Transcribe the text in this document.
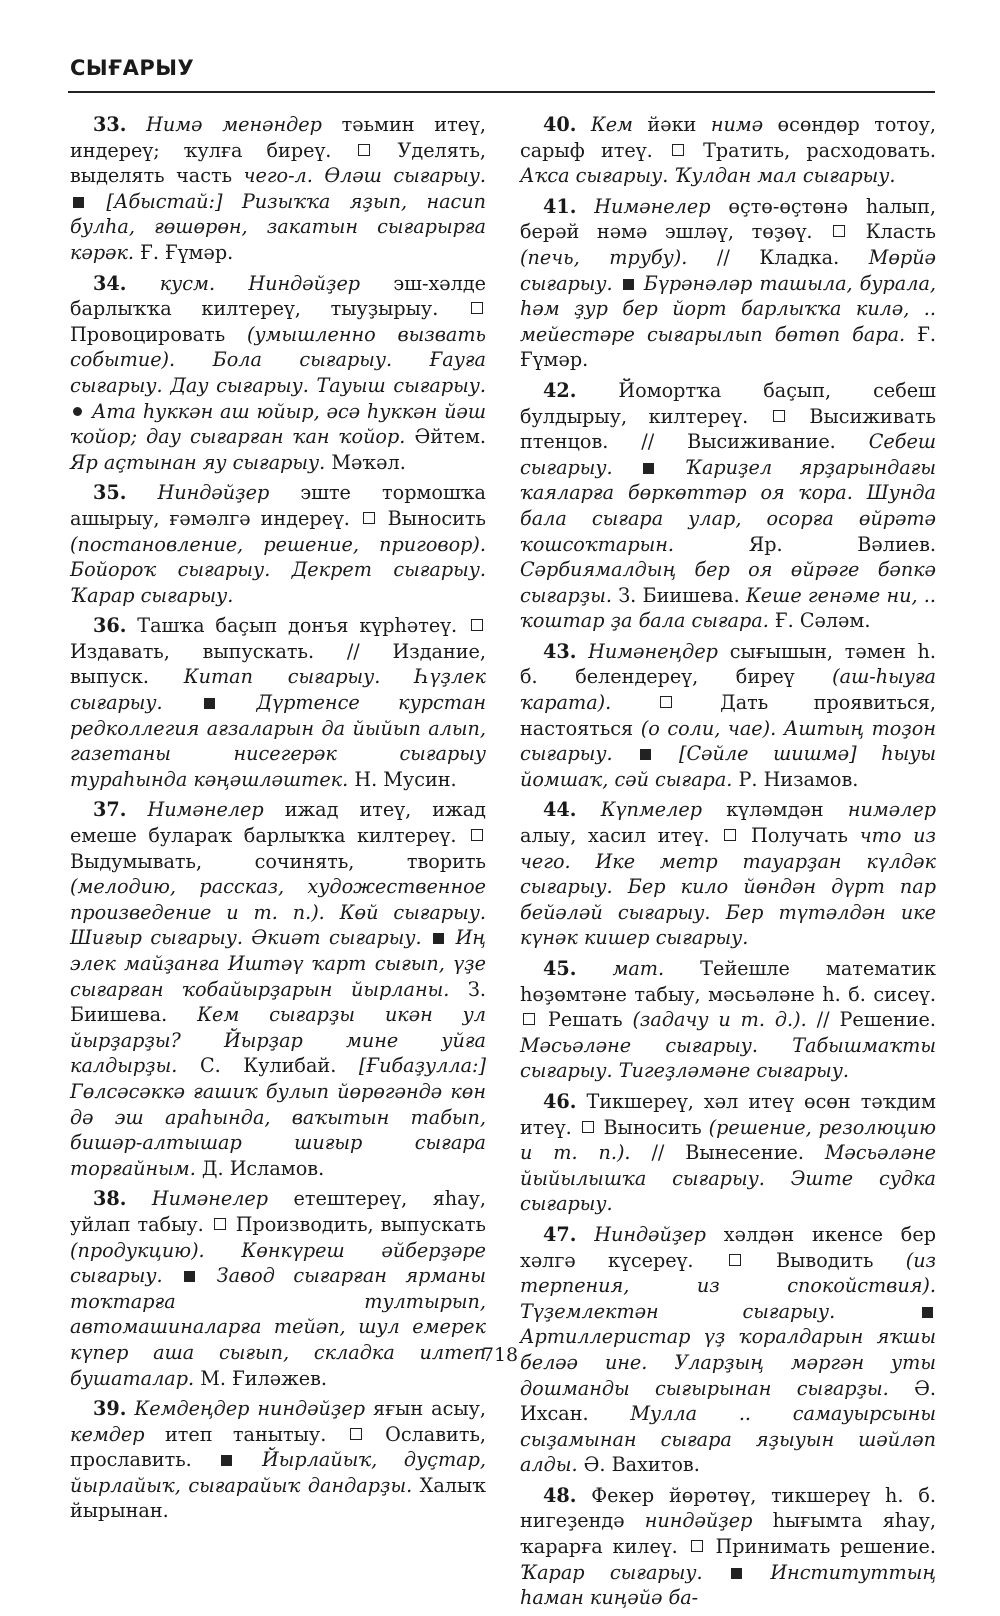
СЫҒАРЫУ

33. Нимә менәндер тәьмин итеү, индереү; ҡулға биреү.  Уделять, выделять часть чего-л. Өләш сығарыу.  [Абыстай:] Ризыҡҡа яҙып, насип булһа, ғөшөрөн, закатын сығарырға кәрәк. Ғ. Ғүмәр.

34. кусм. Ниндәйҙер эш-хәлде барлыҡҡа килтереү, тыуҙырыу.  Провоцировать (умышленно вызвать событие). Бола сығарыу. Ғауға сығарыу. Дау сығарыу. Тауыш сығарыу.  Ата һуккән аш юйыр, әсә һуккән йәш ҡойор; дау сығарған ҡан ҡойор. Әйтем. Яр аҫтынан яу сығарыу. Мәҡәл.

35. Ниндәйҙер эште тормошҡа ашырыу, ғәмәлгә индереү.  Выносить (постановление, решение, приговор). Бойороҡ сығарыу. Декрет сығарыу. Ҡарар сығарыу.

36. Ташҡа баҫып донъя күрһәтеү.  Издавать, выпускать. // Издание, выпуск. Китап сығарыу. Һүҙлек сығарыу.	Дүртенсе курстан редколлегия ағзаларын да йыйып алып, газетаны нисегерәк сығарыу тураһында кәңәшләштек. Н. Мусин.

37. Нимәнелер ижад итеү, ижад емеше булараҡ барлыҡҡа килтереү.  Выдумывать, сочинять, творить (мелодию, рассказ, художественное произведение и т. п.). Көй сығарыу. Шиғыр сығарыу. Әкиәт сығарыу.  Иң элек майҙанға Иштәү ҡарт сығып, үҙе сығарған ҡобайырҙарын йырланы. З. Биишева. Кем сығарҙы икән ул йырҙарҙы? Йырҙар мине уйға калдырҙы. С. Кулибай. [Ғибаҙулла:] Гөлсәсәккә ғашиҡ булып йөрөгәндә көн дә эш араһында, ваҡытын табып, бишәр-алтышар шиғыр сығара торғайным. Д. Исламов.

38. Нимәнелер етештереү, яһау, уйлап табыу.  Производить, выпускать (продукцию). Көнкүреш әйберҙәре сығарыу.  Завод сығарған ярманы тоҡтарға тултырып, автомашиналарға тейәп, шул емерек күпер аша сығып, складка илтеп бушаталар. М. Ғиләжев.

39. Кемдеңдер ниндәйҙер яғын асыу, кемдер итеп танытыу.  Ославить, прославить.  Йырлайыҡ, дуҫтар, йырлайыҡ, сығарайыҡ дандарҙы. Халыҡ йырынан.

40. Кем йәки нимә өсөндөр тотоу, сарыф итеү.  Тратить, расходовать. Аҡса сығарыу. Ҡулдан мал сығарыу.

41. Нимәнелер өҫтө-өҫтөнә һалып, берәй нәмә эшләү, төҙөү.  Класть (печь, трубу). // Кладка. Мөрйә сығарыу.  Бүрәнәләр ташыла, бурала, һәм ҙур бер йорт барлыҡҡа килә, .. мейестәре сығарылып бөтөп бара. Ғ. Ғүмәр.

42. Йомортҡа баҫып, себеш булдырыу, килтереү.  Высиживать птенцов. // Высиживание. Себеш сығарыу.  Ҡариҙел ярҙарындағы ҡаяларға бөркөттәр оя ҡора. Шунда бала сығара улар, осорға өйрәтә ҡошсоҡтарын. Яр. Вәлиев. Сәрбиямалдың бер оя өйрәге бәпкә сығарҙы. З. Биишева. Кеше генәме ни, .. ҡоштар ҙа бала сығара. Ғ. Сәләм.

43. Нимәнеңдер сығышын, тәмен һ. б. белендереү, биреү (аш-һыуға ҡарата).	Дать проявиться, настояться (о соли, чае). Аштың тоҙон сығарыу.  [Сәйле шишмә] һыуы йомшаҡ, сәй сығара. Р. Низамов.

44. Күпмелер күләмдән нимәлер алыу, хасил итеү.  Получать что из чего. Ике метр тауарҙан күлдәк сығарыу. Бер кило йөндән дүрт пар бейәләй сығарыу. Бер түтәлдән ике күнәк кишер сығарыу.

45. мат. Тейешле математик һөҙөмтәне табыу, мәсьәләне һ. б. сисеү.  Решать (задачу и т. д.). // Решение. Мәсьәләне сығарыу. Табышмаҡты сығарыу. Тигеҙләмәне сығарыу.

46. Тикшереү, хәл итеү өсөн тәҡдим итеү.  Выносить (решение, резолюцию и т. п.). // Вынесение. Мәсьәләне йыйылышҡа сығарыу. Эште судка сығарыу.

47. Ниндәйҙер хәлдән икенсе бер хәлгә күсереү.  Выводить (из терпения, из спокойствия). Түҙемлектән сығарыу.  Артиллеристар үҙ ҡоралдарын яҡшы беләә ине. Уларҙың мәргән уты дошманды сығырынан сығарҙы. Ә. Ихсан. Мулла .. самауырсыны сыҙамынан сығара яҙыуын шәйләп алды. Ә. Вахитов.

48. Фекер йөрөтөү, тикшереү һ. б. нигеҙендә ниндәйҙер һығымта яһау, ҡарарға килеү.  Принимать решение. Ҡарар сығарыу.  Институттың һаман киңәйә ба-

718
